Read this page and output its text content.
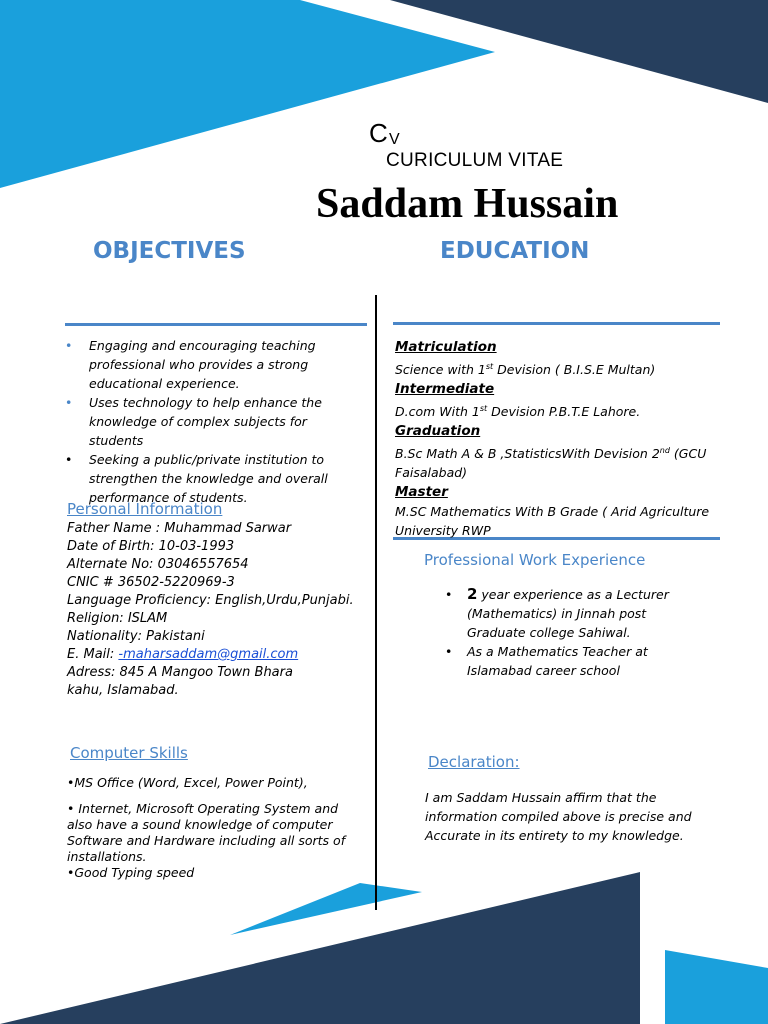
C V
CURICULUM VITAE
Saddam Hussain
OBJECTIVES	EDUCATION
• Engaging and encouraging teaching professional who provides a strong educational experience.
• Uses technology to help enhance the knowledge of complex subjects for students
• Seeking a public/private institution to strengthen the knowledge and overall performance of students.
Personal Information
Father Name : Muhammad Sarwar
Date of Birth: 10-03-1993
Alternate No: 03046557654
CNIC # 36502-5220969-3
Language Proficiency: English,Urdu,Punjabi.
Religion: ISLAM
Nationality: Pakistani
E. Mail: -maharsaddam@gmail.com
Adress: 845 A Mangoo Town Bhara kahu, Islamabad.
Matriculation
Science with 1st Devision ( B.I.S.E Multan)
Intermediate
D.com With 1st Devision P.B.T.E Lahore.
Graduation
B.Sc Math A & B ,StatisticsWith Devision 2nd (GCU Faisalabad)
Master
M.SC Mathematics With B Grade ( Arid Agriculture University RWP
Professional Work Experience
• 2 year experience as a Lecturer (Mathematics) in Jinnah post Graduate college Sahiwal.
• As a Mathematics Teacher at Islamabad career school
Computer Skills
•MS Office (Word, Excel, Power Point),
• Internet, Microsoft Operating System and also have a sound knowledge of computer Software and Hardware including all sorts of installations.
•Good Typing speed
Declaration:
I am Saddam Hussain affirm that the information compiled above is precise and Accurate in its entirety to my knowledge.
